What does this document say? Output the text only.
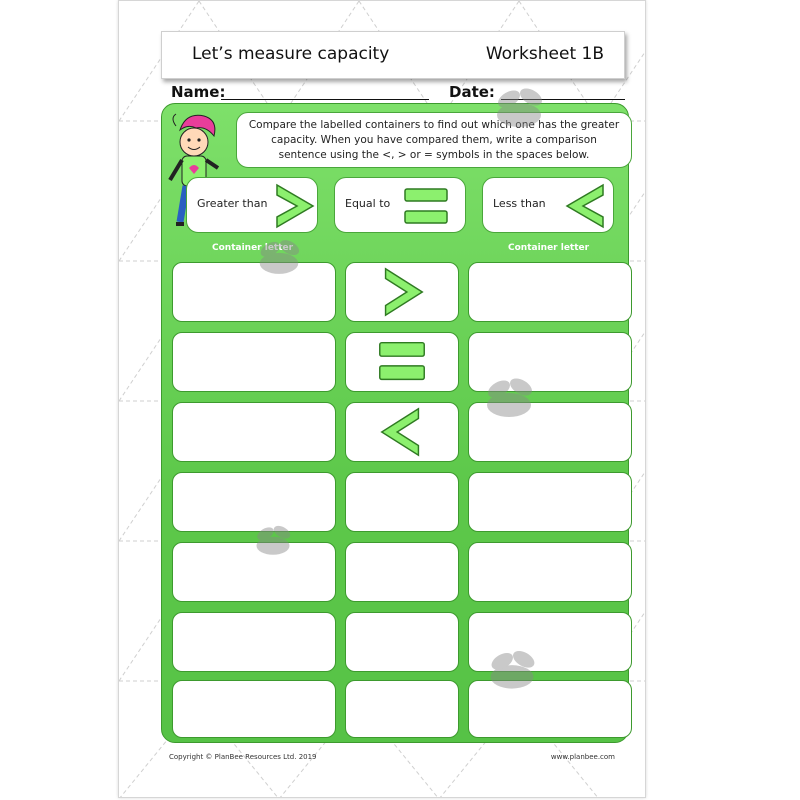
Let’s measure capacity	Worksheet 1B
Name:	Date:
Compare the labelled containers to find out which one has the greater capacity. When you have compared them, write a comparison sentence using the <, > or = symbols in the spaces below.
Greater than	Equal to	Less than
Container letter	Container letter
Copyright © PlanBee Resources Ltd. 2019	www.planbee.com
